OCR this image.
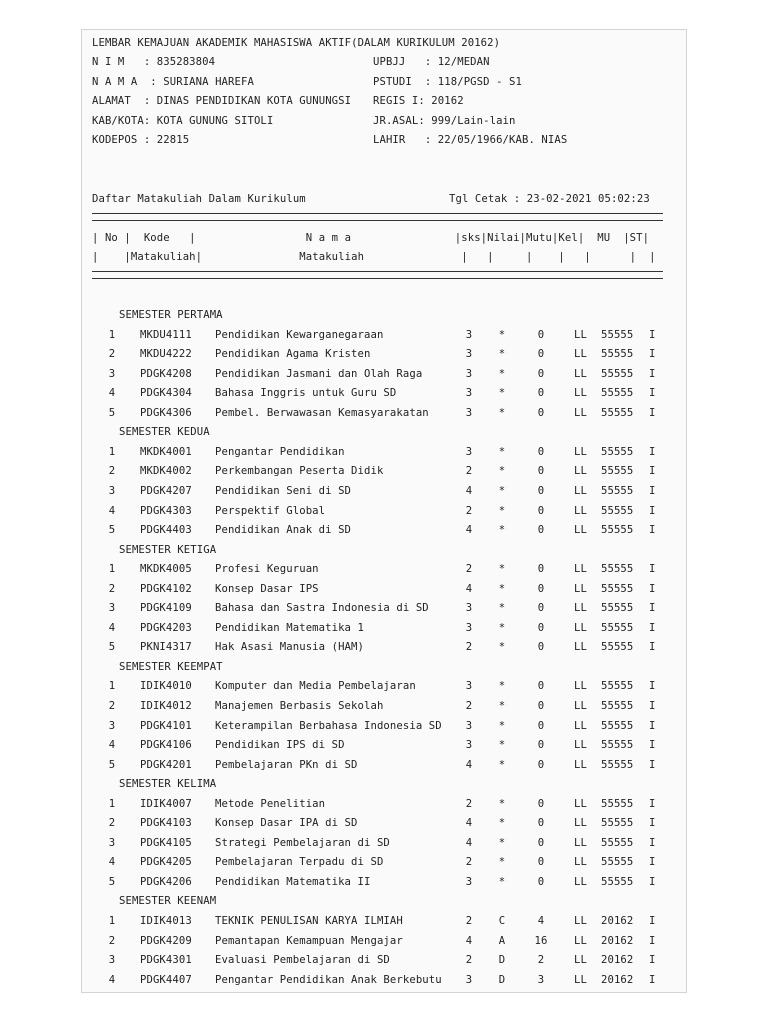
LEMBAR KEMAJUAN AKADEMIK MAHASISWA AKTIF(DALAM KURIKULUM 20162)
N I M   : 835283804	UPBJJ   : 12/MEDAN
N A M A  : SURIANA HAREFA	PSTUDI  : 118/PGSD - S1
ALAMAT  : DINAS PENDIDIKAN KOTA GUNUNGSI REGIS I: 20162
KAB/KOTA: KOTA GUNUNG SITOLI	JR.ASAL: 999/Lain-lain
KODEPOS : 22815	LAHIR   : 22/05/1966/KAB. NIAS
Daftar Matakuliah Dalam Kurikulum	Tgl Cetak : 23-02-2021 05:02:23
| No |  Kode   |                 N a m a                |sks|Nilai|Mutu|Kel|  MU  |ST|
|    |Matakuliah|               Matakuliah               |   |     |    |   |      |  |
SEMESTER PERTAMA
1 MKDU4111 Pendidikan Kewarganegaraan	3	*	0	LL 55555 I
2 MKDU4222 Pendidikan Agama Kristen	3	*	0	LL 55555 I
3 PDGK4208 Pendidikan Jasmani dan Olah Raga	3	*	0	LL 55555 I
4 PDGK4304 Bahasa Inggris untuk Guru SD	3	*	0	LL 55555 I
5 PDGK4306 Pembel. Berwawasan Kemasyarakatan	3	*	0	LL 55555 I
SEMESTER KEDUA
1 MKDK4001 Pengantar Pendidikan	3	*	0	LL 55555 I
2 MKDK4002 Perkembangan Peserta Didik	2	*	0	LL 55555 I
3 PDGK4207 Pendidikan Seni di SD	4	*	0	LL 55555 I
4 PDGK4303 Perspektif Global	2	*	0	LL 55555 I
5 PDGK4403 Pendidikan Anak di SD	4	*	0	LL 55555 I
SEMESTER KETIGA
1 MKDK4005 Profesi Keguruan	2	*	0	LL 55555 I
2 PDGK4102 Konsep Dasar IPS	4	*	0	LL 55555 I
3 PDGK4109 Bahasa dan Sastra Indonesia di SD	3	*	0	LL 55555 I
4 PDGK4203 Pendidikan Matematika 1	3	*	0	LL 55555 I
5 PKNI4317 Hak Asasi Manusia (HAM)	2	*	0	LL 55555 I
SEMESTER KEEMPAT
1 IDIK4010 Komputer dan Media Pembelajaran	3	*	0	LL 55555 I
2 IDIK4012 Manajemen Berbasis Sekolah	2	*	0	LL 55555 I
3 PDGK4101 Keterampilan Berbahasa Indonesia SD 3	*	0	LL 55555 I
4 PDGK4106 Pendidikan IPS di SD	3	*	0	LL 55555 I
5 PDGK4201 Pembelajaran PKn di SD	4	*	0	LL 55555 I
SEMESTER KELIMA
1 IDIK4007 Metode Penelitian	2	*	0	LL 55555 I
2 PDGK4103 Konsep Dasar IPA di SD	4	*	0	LL 55555 I
3 PDGK4105 Strategi Pembelajaran di SD	4	*	0	LL 55555 I
4 PDGK4205 Pembelajaran Terpadu di SD	2	*	0	LL 55555 I
5 PDGK4206 Pendidikan Matematika II	3	*	0	LL 55555 I
SEMESTER KEENAM
1 IDIK4013 TEKNIK PENULISAN KARYA ILMIAH	2	C	4	LL 20162 I
2 PDGK4209 Pemantapan Kemampuan Mengajar	4	A	16	LL 20162 I
3 PDGK4301 Evaluasi Pembelajaran di SD	2	D	2	LL 20162 I
4 PDGK4407 Pengantar Pendidikan Anak Berkebutu 3	D	3	LL 20162 I
